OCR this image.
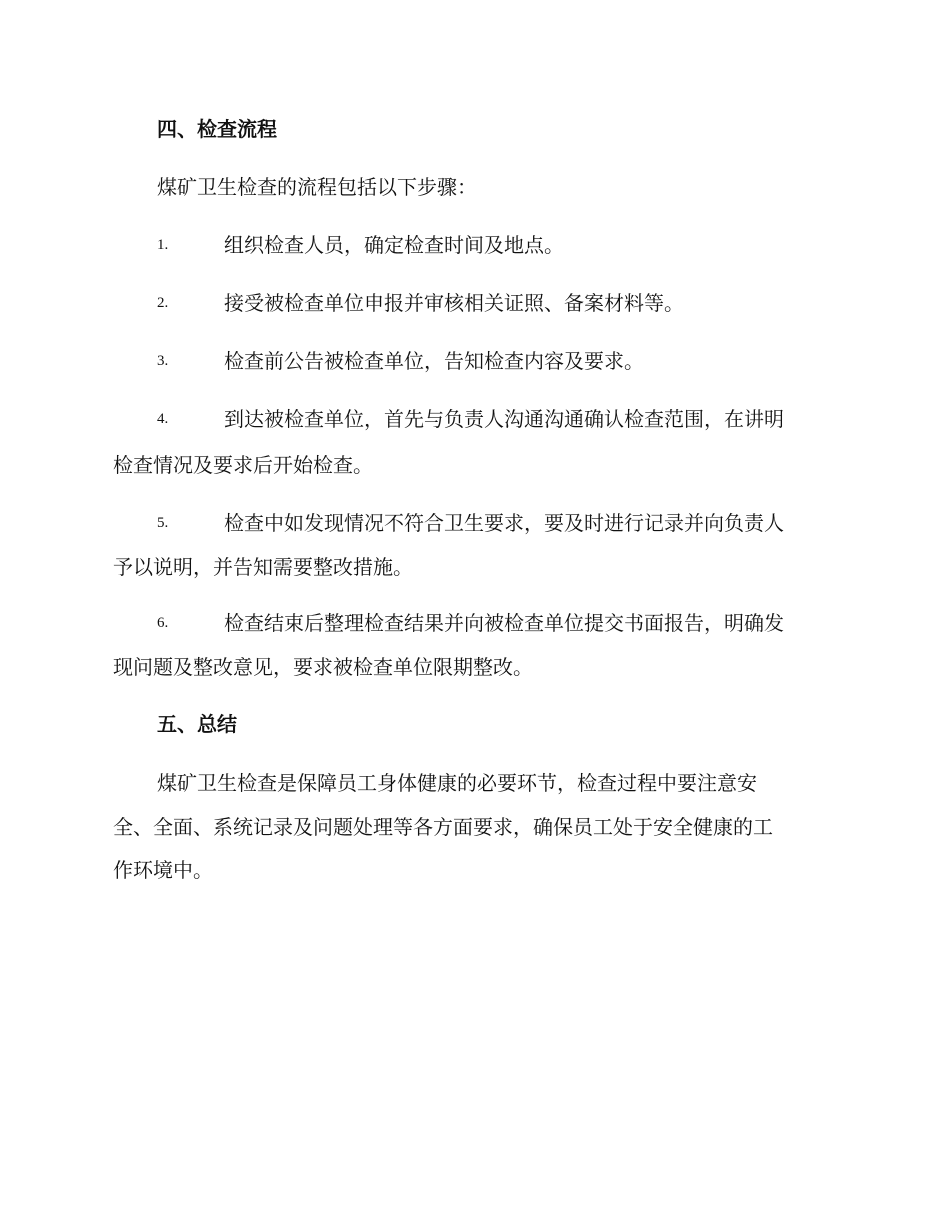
四、检查流程
煤矿卫生检查的流程包括以下步骤：
1.	组织检查人员，确定检查时间及地点。
2.	接受被检查单位申报并审核相关证照、备案材料等。
3.	检查前公告被检查单位，告知检查内容及要求。
4.	到达被检查单位，首先与负责人沟通沟通确认检查范围，在讲明
检查情况及要求后开始检查。
5.	检查中如发现情况不符合卫生要求，要及时进行记录并向负责人
予以说明，并告知需要整改措施。
6.	检查结束后整理检查结果并向被检查单位提交书面报告，明确发
现问题及整改意见，要求被检查单位限期整改。
五、总结
煤矿卫生检查是保障员工身体健康的必要环节，检查过程中要注意安
全、全面、系统记录及问题处理等各方面要求，确保员工处于安全健康的工
作环境中。
